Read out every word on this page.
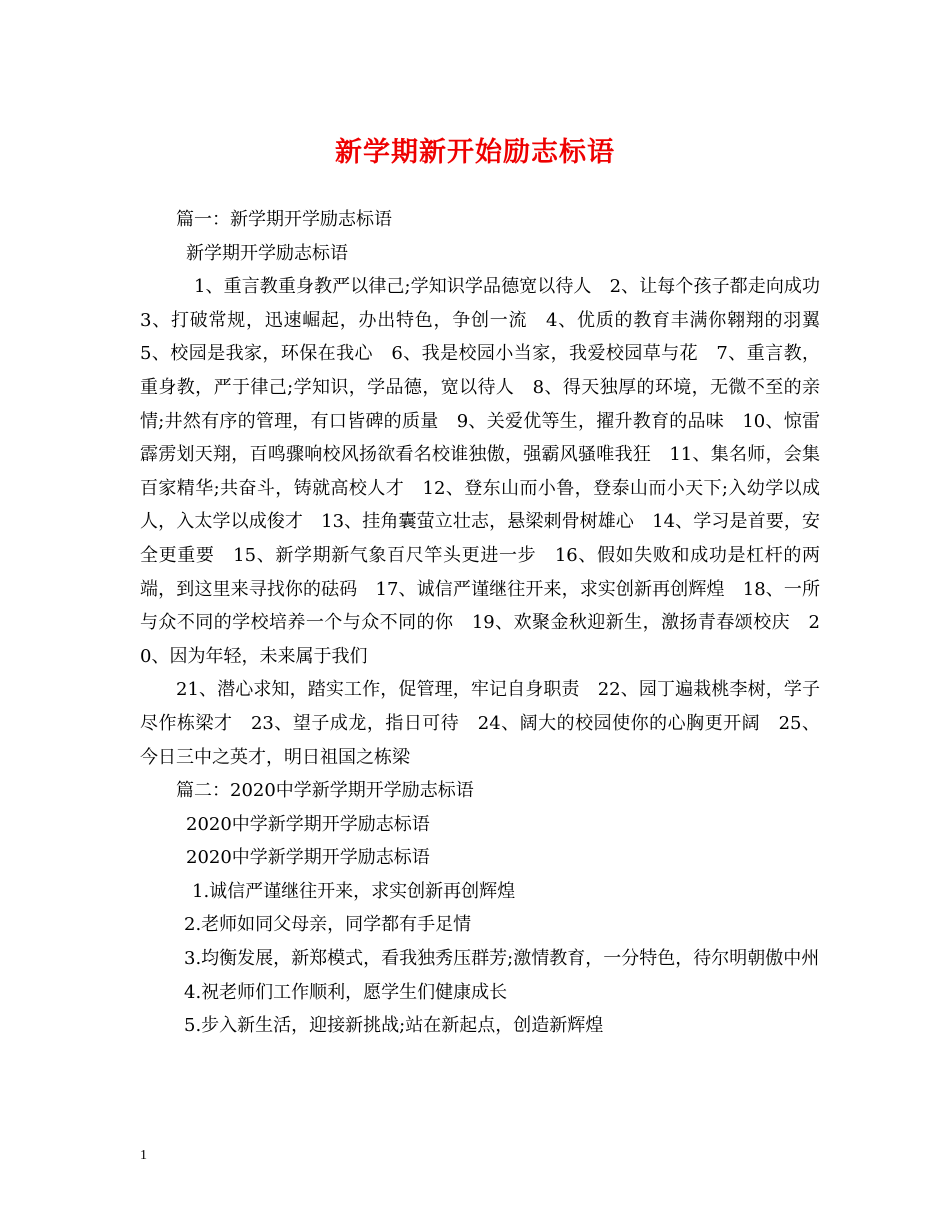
新学期新开始励志标语

篇一：新学期开学励志标语

新学期开学励志标语

1、重言教重身教严以律己;学知识学品德宽以待人　2、让每个孩子都走向成功　3、打破常规，迅速崛起，办出特色，争创一流　4、优质的教育丰满你翱翔的羽翼　5、校园是我家，环保在我心　6、我是校园小当家，我爱校园草与花　7、重言教，重身教，严于律己;学知识，学品德，宽以待人　8、得天独厚的环境，无微不至的亲情;井然有序的管理，有口皆碑的质量　9、关爱优等生，擢升教育的品味　10、惊雷霹雳划天翔，百鸣骤响校风扬欲看名校谁独傲，强霸风骚唯我狂　11、集名师，会集百家精华;共奋斗，铸就高校人才　12、登东山而小鲁，登泰山而小天下;入幼学以成人，入太学以成俊才　13、挂角囊萤立壮志，悬梁刺骨树雄心　14、学习是首要，安全更重要　15、新学期新气象百尺竿头更进一步　16、假如失败和成功是杠杆的两端，到这里来寻找你的砝码　17、诚信严谨继往开来，求实创新再创辉煌　18、一所与众不同的学校培养一个与众不同的你　19、欢聚金秋迎新生，激扬青春颂校庆　20、因为年轻，未来属于我们

21、潜心求知，踏实工作，促管理，牢记自身职责　22、园丁遍栽桃李树，学子尽作栋梁才　23、望子成龙，指日可待　24、阔大的校园使你的心胸更开阔　25、今日三中之英才，明日祖国之栋梁

篇二：2020中学新学期开学励志标语

2020中学新学期开学励志标语

2020中学新学期开学励志标语

1.诚信严谨继往开来，求实创新再创辉煌

2.老师如同父母亲，同学都有手足情

3.均衡发展，新郑模式，看我独秀压群芳;激情教育，一分特色，待尔明朝傲中州

4.祝老师们工作顺利，愿学生们健康成长

5.步入新生活，迎接新挑战;站在新起点，创造新辉煌

1
